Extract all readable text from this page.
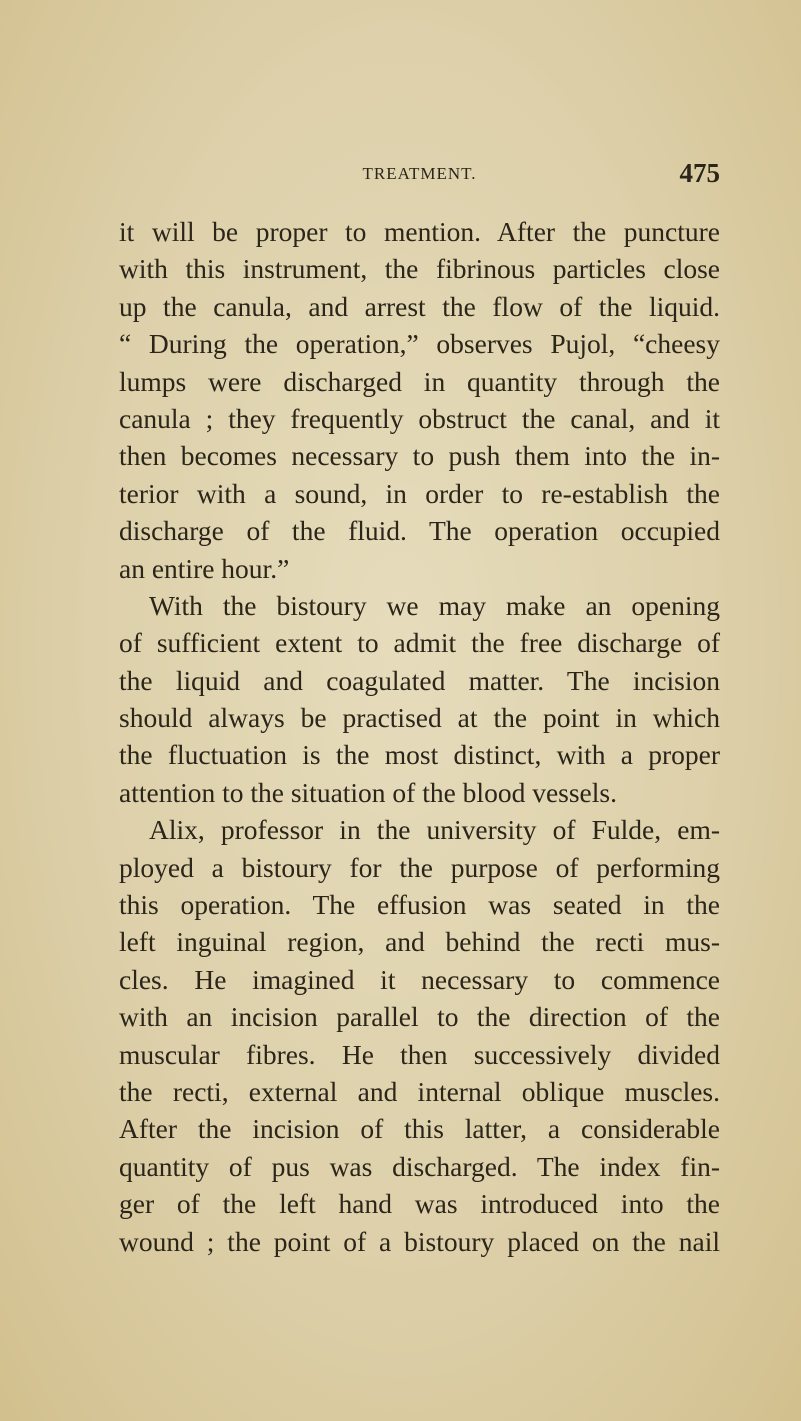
TREATMENT.	475
it will be proper to mention. After the puncture
with this instrument, the fibrinous particles close
up the canula, and arrest the flow of the liquid.
“ During the operation,” observes Pujol, “cheesy
lumps were discharged in quantity through the
canula ; they frequently obstruct the canal, and it
then becomes necessary to push them into the in-
terior with a sound, in order to re-establish the
discharge of the fluid. The operation occupied
an entire hour.”
With the bistoury we may make an opening
of sufficient extent to admit the free discharge of
the liquid and coagulated matter. The incision
should always be practised at the point in which
the fluctuation is the most distinct, with a proper
attention to the situation of the blood vessels.
Alix, professor in the university of Fulde, em-
ployed a bistoury for the purpose of performing
this operation. The effusion was seated in the
left inguinal region, and behind the recti mus-
cles. He imagined it necessary to commence
with an incision parallel to the direction of the
muscular fibres. He then successively divided
the recti, external and internal oblique muscles.
After the incision of this latter, a considerable
quantity of pus was discharged. The index fin-
ger of the left hand was introduced into the
wound ; the point of a bistoury placed on the nail
